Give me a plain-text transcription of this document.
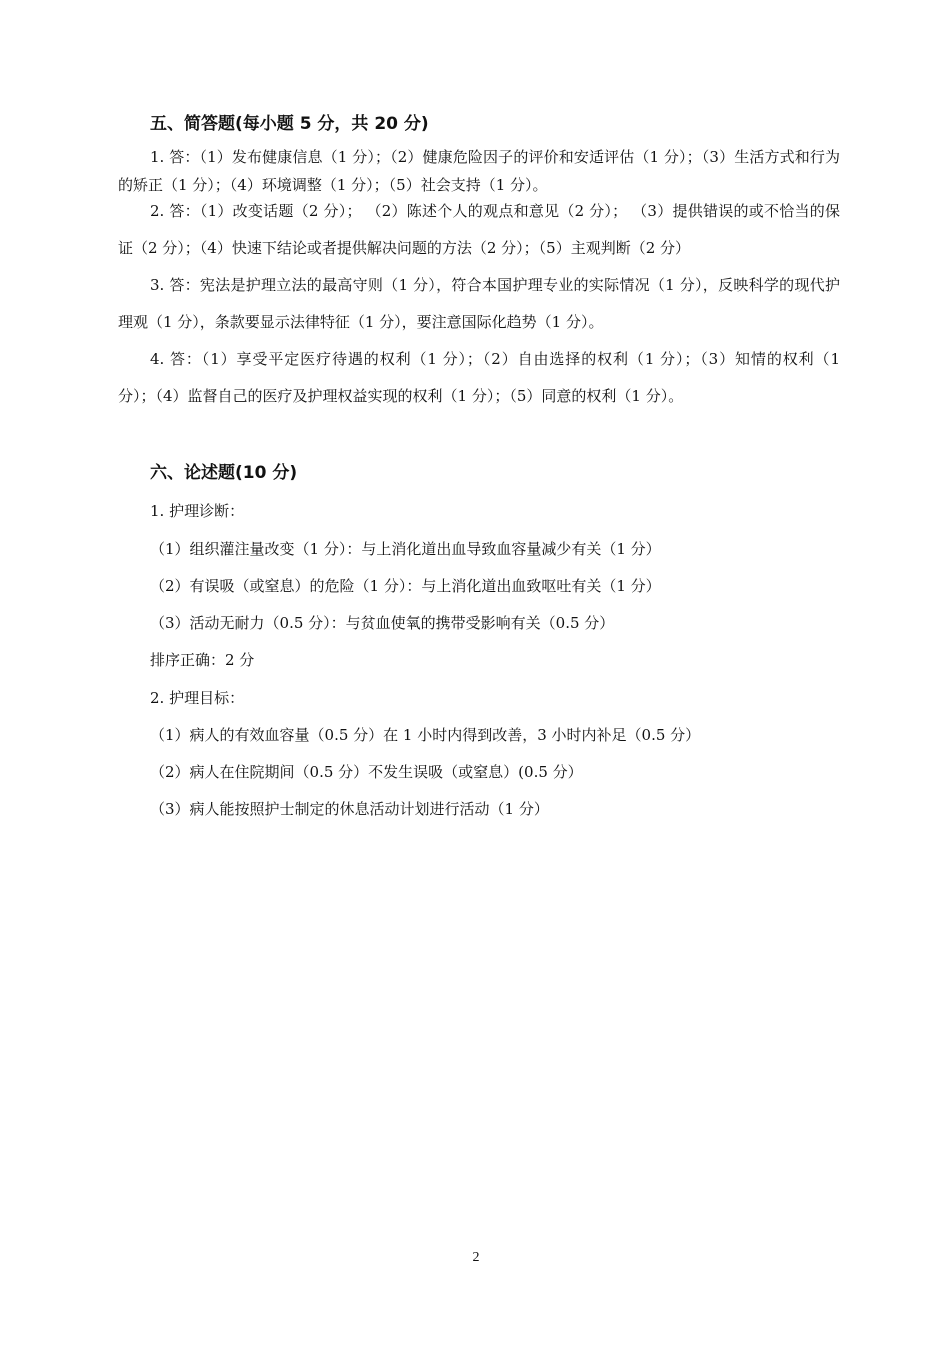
五、简答题(每小题 5 分，共 20 分)

1. 答：（1）发布健康信息（1 分）；（2）健康危险因子的评价和安适评估（1 分）；（3）生活方式和行为的矫正（1 分）；（4）环境调整（1 分）；（5）社会支持（1 分）。

2. 答：（1）改变话题（2 分）； （2）陈述个人的观点和意见（2 分）； （3）提供错误的或不恰当的保证（2 分）；（4）快速下结论或者提供解决问题的方法（2 分）；（5）主观判断（2 分）

3. 答：宪法是护理立法的最高守则（1 分），符合本国护理专业的实际情况（1 分），反映科学的现代护理观（1 分），条款要显示法律特征（1 分），要注意国际化趋势（1 分）。

4. 答：（1）享受平定医疗待遇的权利（1 分）；（2）自由选择的权利（1 分）；（3）知情的权利（1 分）；（4）监督自己的医疗及护理权益实现的权利（1 分）；（5）同意的权利（1 分）。

六、论述题(10 分)
1. 护理诊断：
（1）组织灌注量改变（1 分）：与上消化道出血导致血容量减少有关（1 分）
（2）有误吸（或窒息）的危险（1 分）：与上消化道出血致呕吐有关（1 分）
（3）活动无耐力（0.5 分）：与贫血使氧的携带受影响有关（0.5 分）
排序正确：2 分
2. 护理目标：
（1）病人的有效血容量（0.5 分）在 1 小时内得到改善，3 小时内补足（0.5 分）
（2）病人在住院期间（0.5 分）不发生误吸（或窒息）(0.5 分）
（3）病人能按照护士制定的休息活动计划进行活动（1 分）
2
